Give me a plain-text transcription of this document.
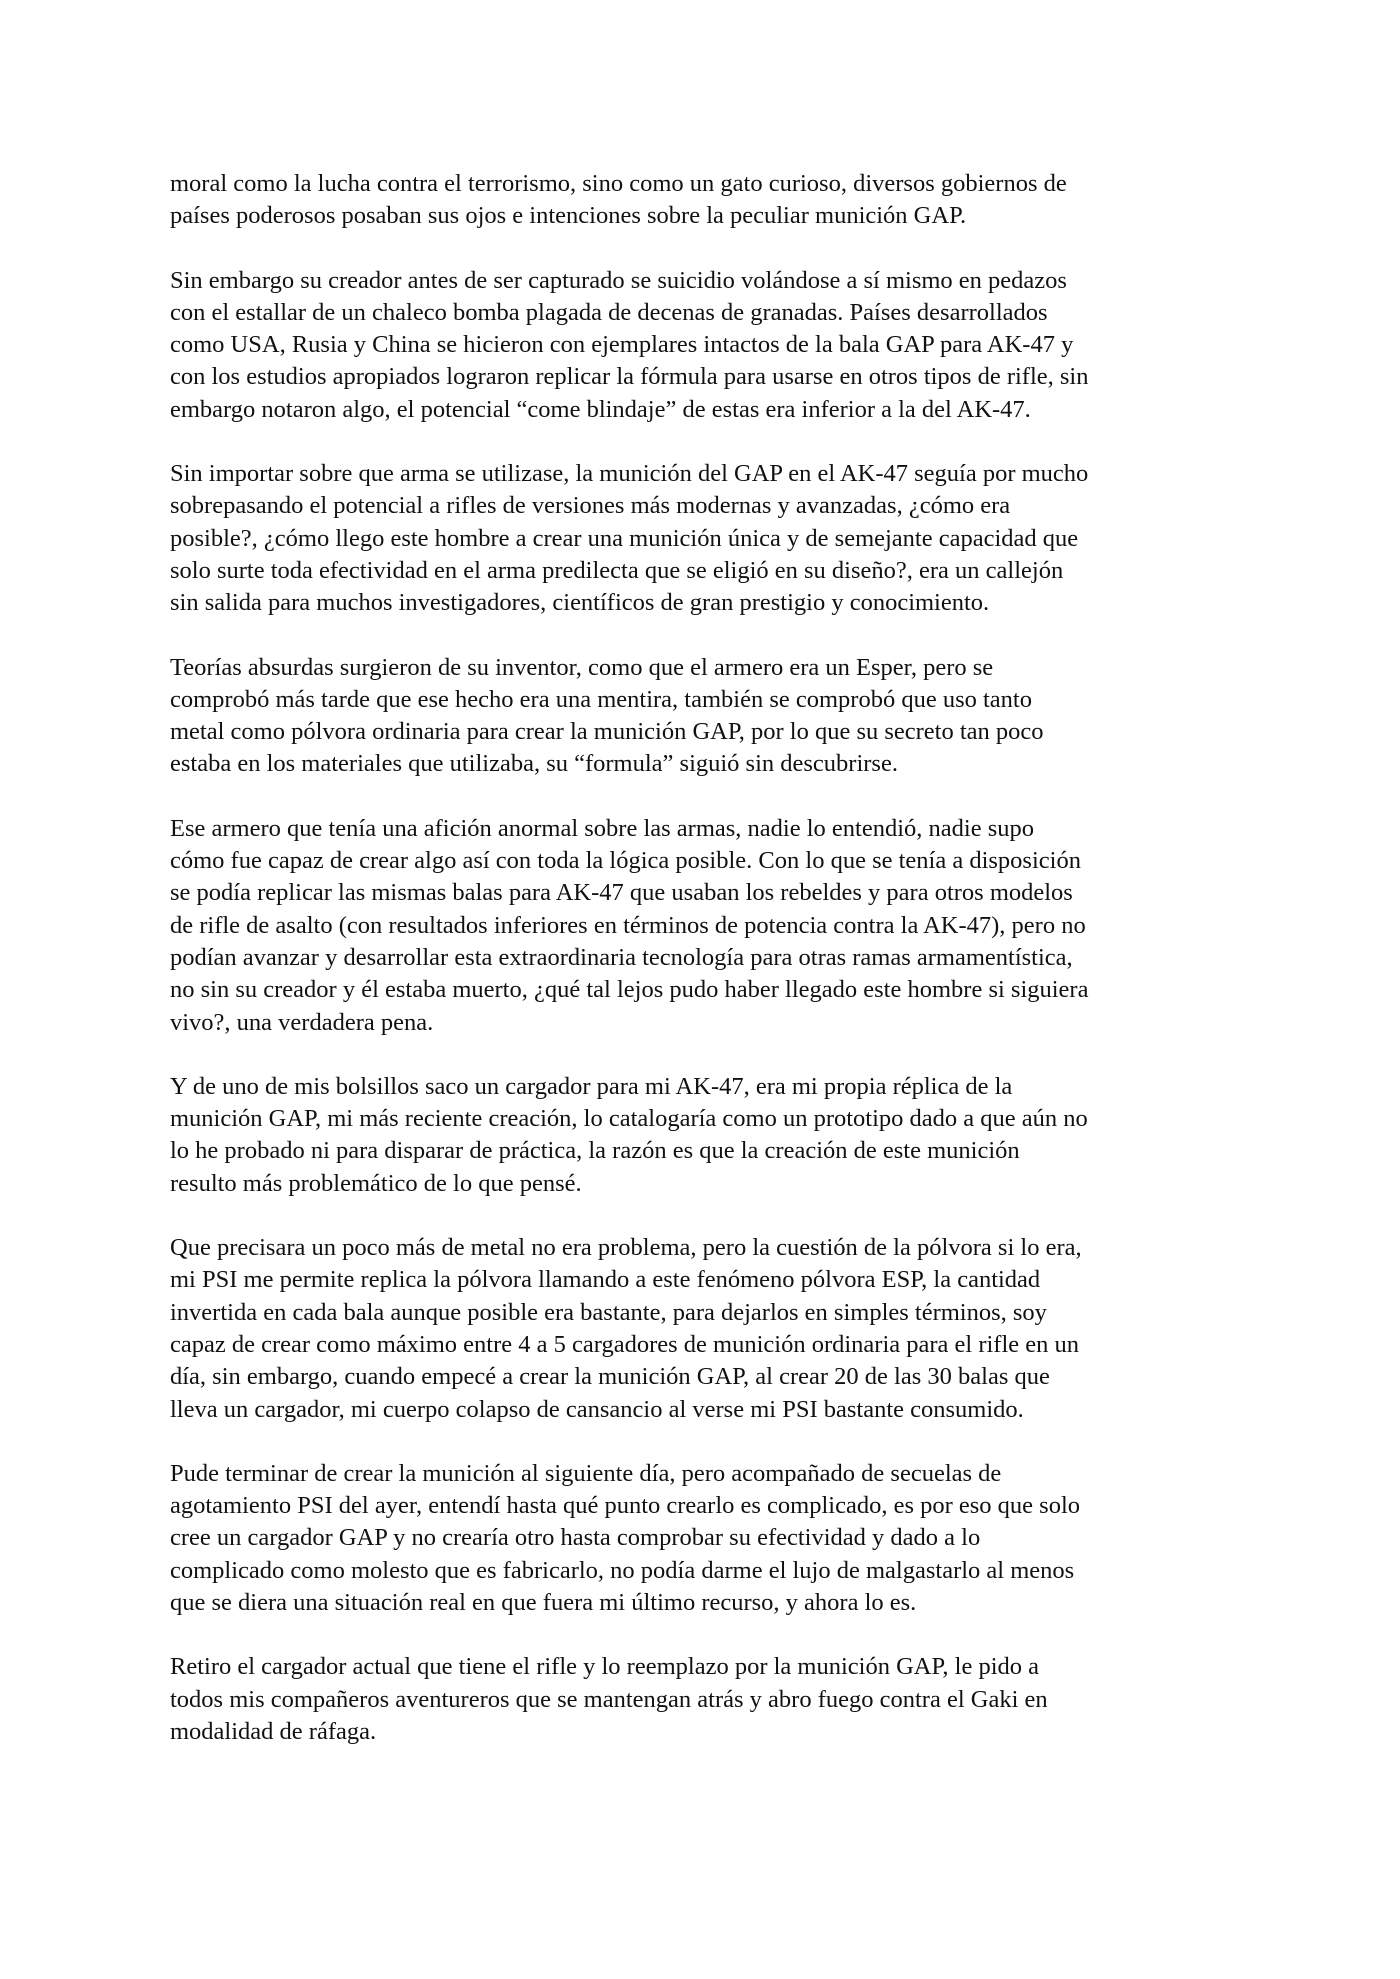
moral como la lucha contra el terrorismo, sino como un gato curioso, diversos gobiernos de
países poderosos posaban sus ojos e intenciones sobre la peculiar munición GAP.

Sin embargo su creador antes de ser capturado se suicidio volándose a sí mismo en pedazos
con el estallar de un chaleco bomba plagada de decenas de granadas. Países desarrollados
como USA, Rusia y China se hicieron con ejemplares intactos de la bala GAP para AK-47 y
con los estudios apropiados lograron replicar la fórmula para usarse en otros tipos de rifle, sin
embargo notaron algo, el potencial “come blindaje” de estas era inferior a la del AK-47.

Sin importar sobre que arma se utilizase, la munición del GAP en el AK-47 seguía por mucho
sobrepasando el potencial a rifles de versiones más modernas y avanzadas, ¿cómo era
posible?, ¿cómo llego este hombre a crear una munición única y de semejante capacidad que
solo surte toda efectividad en el arma predilecta que se eligió en su diseño?, era un callejón
sin salida para muchos investigadores, científicos de gran prestigio y conocimiento.

Teorías absurdas surgieron de su inventor, como que el armero era un Esper, pero se
comprobó más tarde que ese hecho era una mentira, también se comprobó que uso tanto
metal como pólvora ordinaria para crear la munición GAP, por lo que su secreto tan poco
estaba en los materiales que utilizaba, su “formula” siguió sin descubrirse.

Ese armero que tenía una afición anormal sobre las armas, nadie lo entendió, nadie supo
cómo fue capaz de crear algo así con toda la lógica posible. Con lo que se tenía a disposición
se podía replicar las mismas balas para AK-47 que usaban los rebeldes y para otros modelos
de rifle de asalto (con resultados inferiores en términos de potencia contra la AK-47), pero no
podían avanzar y desarrollar esta extraordinaria tecnología para otras ramas armamentística,
no sin su creador y él estaba muerto, ¿qué tal lejos pudo haber llegado este hombre si siguiera
vivo?, una verdadera pena.

Y de uno de mis bolsillos saco un cargador para mi AK-47, era mi propia réplica de la
munición GAP, mi más reciente creación, lo catalogaría como un prototipo dado a que aún no
lo he probado ni para disparar de práctica, la razón es que la creación de este munición
resulto más problemático de lo que pensé.

Que precisara un poco más de metal no era problema, pero la cuestión de la pólvora si lo era,
mi PSI me permite replica la pólvora llamando a este fenómeno pólvora ESP, la cantidad
invertida en cada bala aunque posible era bastante, para dejarlos en simples términos, soy
capaz de crear como máximo entre 4 a 5 cargadores de munición ordinaria para el rifle en un
día, sin embargo, cuando empecé a crear la munición GAP, al crear 20 de las 30 balas que
lleva un cargador, mi cuerpo colapso de cansancio al verse mi PSI bastante consumido.

Pude terminar de crear la munición al siguiente día, pero acompañado de secuelas de
agotamiento PSI del ayer, entendí hasta qué punto crearlo es complicado, es por eso que solo
cree un cargador GAP y no crearía otro hasta comprobar su efectividad y dado a lo
complicado como molesto que es fabricarlo, no podía darme el lujo de malgastarlo al menos
que se diera una situación real en que fuera mi último recurso, y ahora lo es.

Retiro el cargador actual que tiene el rifle y lo reemplazo por la munición GAP, le pido a
todos mis compañeros aventureros que se mantengan atrás y abro fuego contra el Gaki en
modalidad de ráfaga.
